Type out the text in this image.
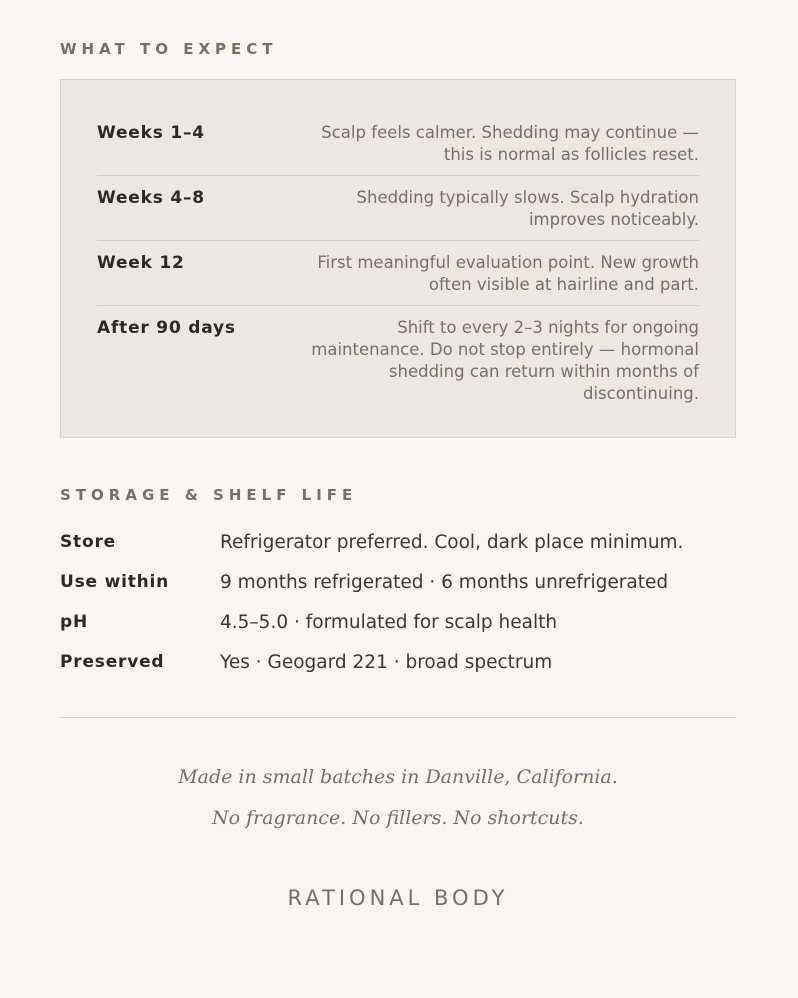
WHAT TO EXPECT
Weeks 1–4	Scalp feels calmer. Shedding may continue — this is normal as follicles reset.
Weeks 4–8	Shedding typically slows. Scalp hydration improves noticeably.
Week 12	First meaningful evaluation point. New growth often visible at hairline and part.
After 90 days	Shift to every 2–3 nights for ongoing maintenance. Do not stop entirely — hormonal shedding can return within months of discontinuing.
STORAGE & SHELF LIFE
Store	Refrigerator preferred. Cool, dark place minimum.
Use within	9 months refrigerated · 6 months unrefrigerated
pH	4.5–5.0 · formulated for scalp health
Preserved	Yes · Geogard 221 · broad spectrum
Made in small batches in Danville, California.
No fragrance. No fillers. No shortcuts.
RATIONAL BODY
